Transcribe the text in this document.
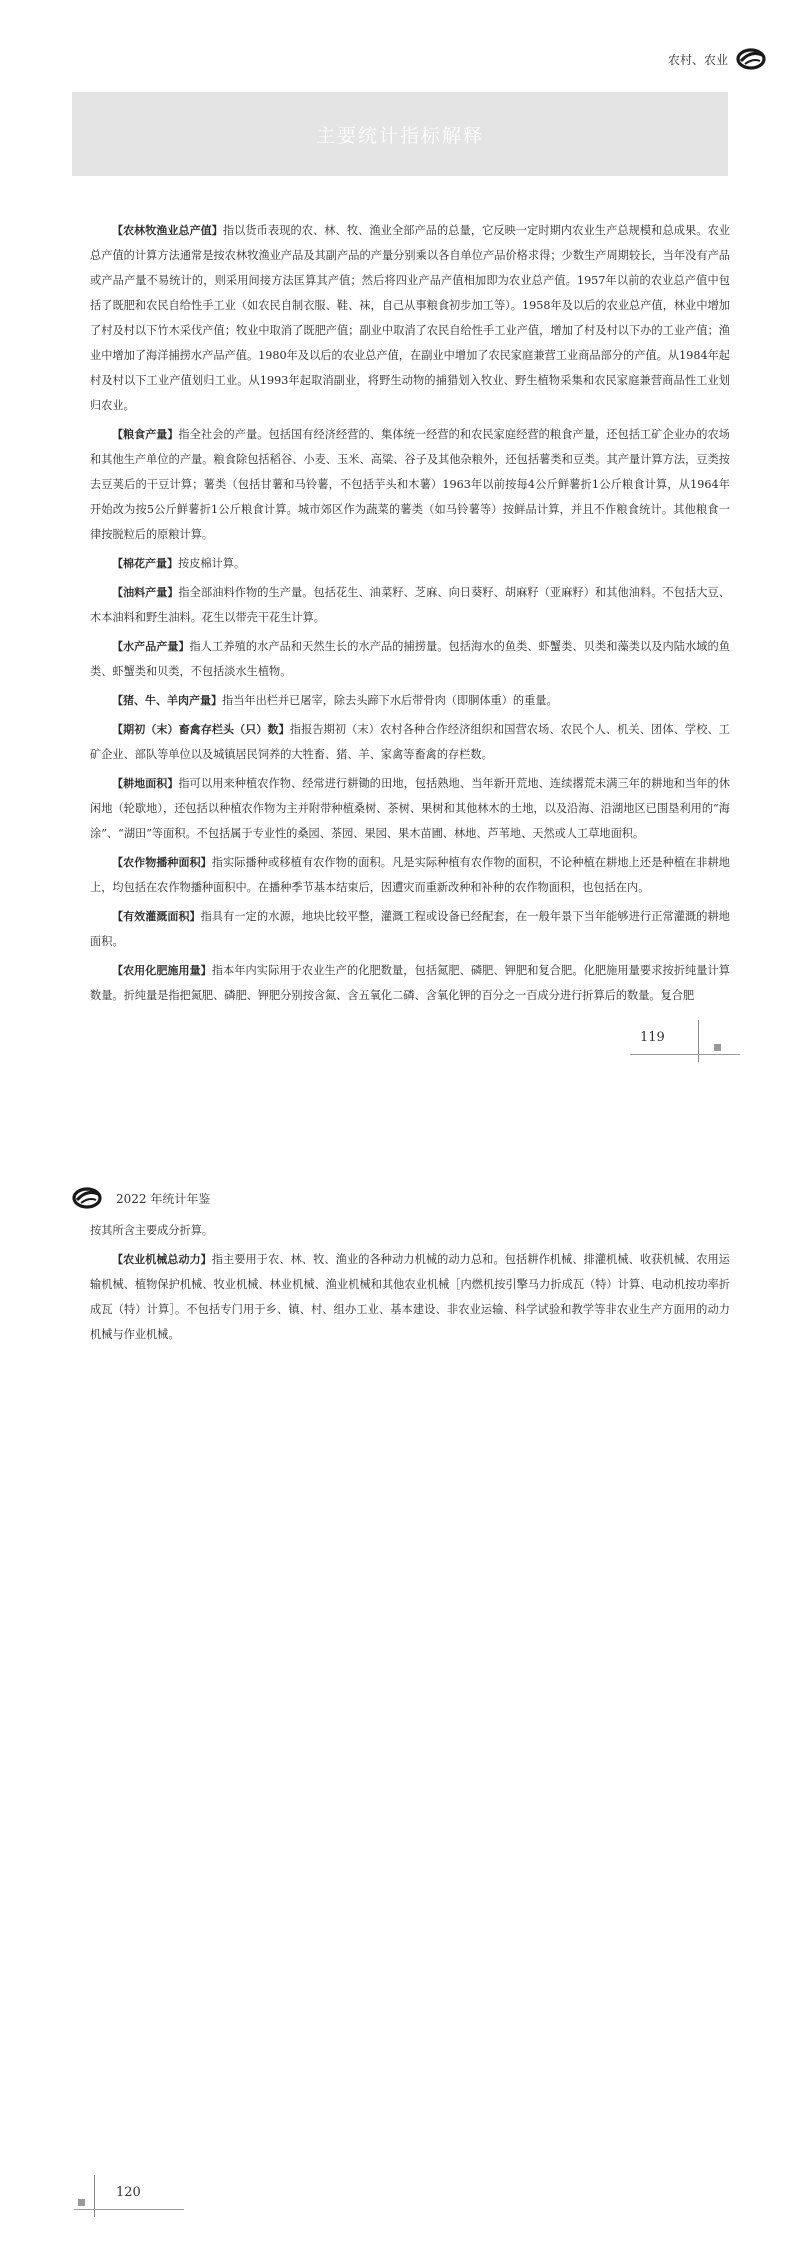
农村、农业
主要统计指标解释

【农林牧渔业总产值】指以货币表现的农、林、牧、渔业全部产品的总量，它反映一定时期内农业生产总规模和总成果。农业总产值的计算方法通常是按农林牧渔业产品及其副产品的产量分别乘以各自单位产品价格求得；少数生产周期较长，当年没有产品或产品产量不易统计的，则采用间接方法匡算其产值；然后将四业产品产值相加即为农业总产值。1957年以前的农业总产值中包括了既肥和农民自给性手工业（如农民自制衣服、鞋、袜，自己从事粮食初步加工等）。1958年及以后的农业总产值，林业中增加了村及村以下竹木采伐产值；牧业中取消了既肥产值；副业中取消了农民自给性手工业产值，增加了村及村以下办的工业产值；渔业中增加了海洋捕捞水产品产值。1980年及以后的农业总产值，在副业中增加了农民家庭兼营工业商品部分的产值。从1984年起村及村以下工业产值划归工业。从1993年起取消副业，将野生动物的捕猎划入牧业、野生植物采集和农民家庭兼营商品性工业划归农业。

【粮食产量】指全社会的产量。包括国有经济经营的、集体统一经营的和农民家庭经营的粮食产量，还包括工矿企业办的农场和其他生产单位的产量。粮食除包括稻谷、小麦、玉米、高粱、谷子及其他杂粮外，还包括薯类和豆类。其产量计算方法，豆类按去豆荚后的干豆计算；薯类（包括甘薯和马铃薯，不包括芋头和木薯）1963年以前按每4公斤鲜薯折1公斤粮食计算，从1964年开始改为按5公斤鲜薯折1公斤粮食计算。城市郊区作为蔬菜的薯类（如马铃薯等）按鲜品计算，并且不作粮食统计。其他粮食一律按脱粒后的原粮计算。

【棉花产量】按皮棉计算。

【油料产量】指全部油料作物的生产量。包括花生、油菜籽、芝麻、向日葵籽、胡麻籽（亚麻籽）和其他油料。不包括大豆、木本油料和野生油料。花生以带壳干花生计算。

【水产品产量】指人工养殖的水产品和天然生长的水产品的捕捞量。包括海水的鱼类、虾蟹类、贝类和藻类以及内陆水域的鱼类、虾蟹类和贝类，不包括淡水生植物。

【猪、牛、羊肉产量】指当年出栏并已屠宰，除去头蹄下水后带骨肉（即胴体重）的重量。

【期初（末）畜禽存栏头（只）数】指报告期初（末）农村各种合作经济组织和国营农场、农民个人、机关、团体、学校、工矿企业、部队等单位以及城镇居民饲养的大牲畜、猪、羊、家禽等畜禽的存栏数。

【耕地面积】指可以用来种植农作物、经常进行耕锄的田地，包括熟地、当年新开荒地、连续撂荒未满三年的耕地和当年的休闲地（轮歇地），还包括以种植农作物为主并附带种植桑树、茶树、果树和其他林木的土地，以及沿海、沿湖地区已围垦利用的“海涂”、“湖田”等面积。不包括属于专业性的桑园、茶园、果园、果木苗圃、林地、芦苇地、天然或人工草地面积。

【农作物播种面积】指实际播种或移植有农作物的面积。凡是实际种植有农作物的面积，不论种植在耕地上还是种植在非耕地上，均包括在农作物播种面积中。在播种季节基本结束后，因遭灾而重新改种和补种的农作物面积，也包括在内。

【有效灌溉面积】指具有一定的水源，地块比较平整，灌溉工程或设备已经配套，在一般年景下当年能够进行正常灌溉的耕地面积。

【农用化肥施用量】指本年内实际用于农业生产的化肥数量，包括氮肥、磷肥、钾肥和复合肥。化肥施用量要求按折纯量计算数量。折纯量是指把氮肥、磷肥、钾肥分别按含氮、含五氧化二磷、含氧化钾的百分之一百成分进行折算后的数量。复合肥

119
2022 年统计年鉴

按其所含主要成分折算。

【农业机械总动力】指主要用于农、林、牧、渔业的各种动力机械的动力总和。包括耕作机械、排灌机械、收获机械、农用运输机械、植物保护机械、牧业机械、林业机械、渔业机械和其他农业机械［内燃机按引擎马力折成瓦（特）计算、电动机按功率折成瓦（特）计算］。不包括专门用于乡、镇、村、组办工业、基本建设、非农业运输、科学试验和教学等非农业生产方面用的动力机械与作业机械。

120
